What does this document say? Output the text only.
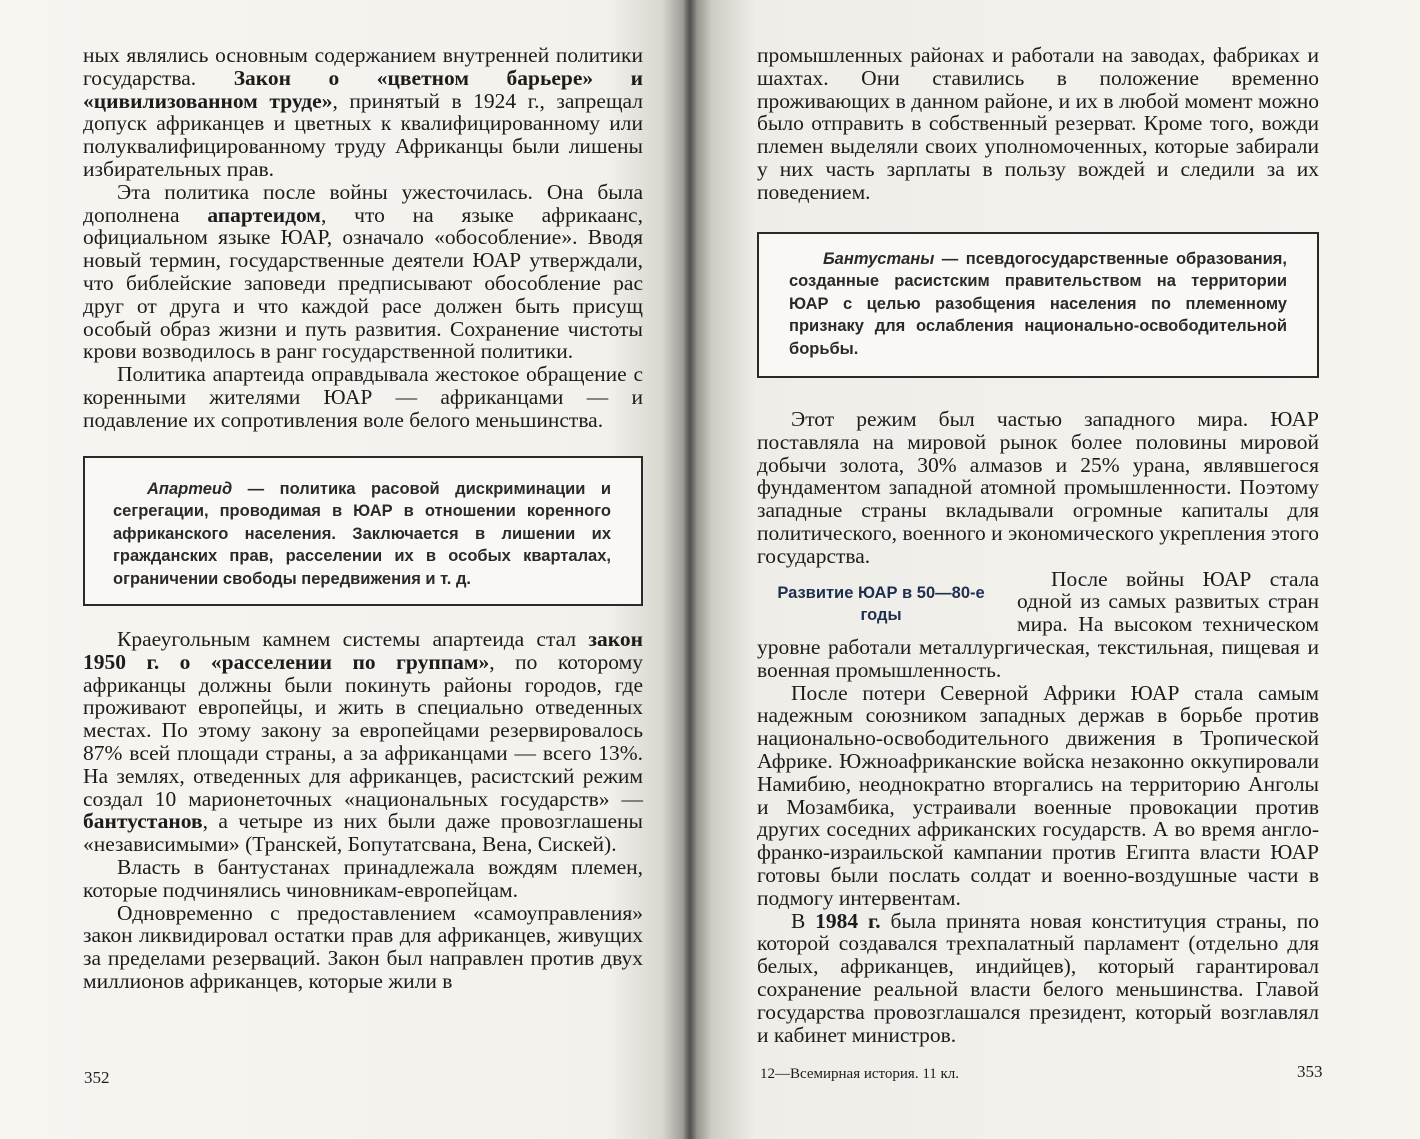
ных являлись основным содержанием внутренней политики государства. Закон о «цветном барьере» и «цивилизованном труде», принятый в 1924 г., запрещал допуск африканцев и цветных к квалифицированному или полуквалифицированному труду Африканцы были лишены избирательных прав.

Эта политика после войны ужесточилась. Она была дополнена апартеидом, что на языке африкаанс, официальном языке ЮАР, означало «обособление». Вводя новый термин, государственные деятели ЮАР утверждали, что библейские заповеди предписывают обособление рас друг от друга и что каждой расе должен быть присущ особый образ жизни и путь развития. Сохранение чистоты крови возводилось в ранг государственной политики.

Политика апартеида оправдывала жестокое обращение с коренными жителями ЮАР — африканцами — и подавление их сопротивления воле белого меньшинства.

Апартеид — политика расовой дискриминации и сегрегации, проводимая в ЮАР в отношении коренного африканского населения. Заключается в лишении их гражданских прав, расселении их в особых кварталах, ограничении свободы передвижения и т. д.

Краеугольным камнем системы апартеида стал закон 1950 г. о «расселении по группам», по которому африканцы должны были покинуть районы городов, где проживают европейцы, и жить в специально отведенных местах. По этому закону за европейцами резервировалось 87% всей площади страны, а за африканцами — всего 13%. На землях, отведенных для африканцев, расистский режим создал 10 марионеточных «национальных государств» — бантустанов, а четыре из них были даже провозглашены «независимыми» (Транскей, Бопутатсвана, Вена, Сискей).

Власть в бантустанах принадлежала вождям племен, которые подчинялись чиновникам-европейцам.

Одновременно с предоставлением «самоуправления» закон ликвидировал остатки прав для африканцев, живущих за пределами резерваций. Закон был направлен против двух миллионов африканцев, которые жили в

352

промышленных районах и работали на заводах, фабриках и шахтах. Они ставились в положение временно проживающих в данном районе, и их в любой момент можно было отправить в собственный резерват. Кроме того, вожди племен выделяли своих уполномоченных, которые забирали у них часть зарплаты в пользу вождей и следили за их поведением.

Бантустаны — псевдогосударственные образования, созданные расистским правительством на территории ЮАР с целью разобщения населения по племенному признаку для ослабления национально-освободительной борьбы.

Этот режим был частью западного мира. ЮАР поставляла на мировой рынок более половины мировой добычи золота, 30% алмазов и 25% урана, являвшегося фундаментом западной атомной промышленности. Поэтому западные страны вкладывали огромные капиталы для политического, военного и экономического укрепления этого государства.

Развитие ЮАР в 50—80-е годы

После войны ЮАР стала одной из самых развитых стран мира. На высоком техническом уровне работали металлургическая, текстильная, пищевая и военная промышленность.

После потери Северной Африки ЮАР стала самым надежным союзником западных держав в борьбе против национально-освободительного движения в Тропической Африке. Южноафриканские войска незаконно оккупировали Намибию, неоднократно вторгались на территорию Анголы и Мозамбика, устраивали военные провокации против других соседних африканских государств. А во время англо-франко-израильской кампании против Египта власти ЮАР готовы были послать солдат и военно-воздушные части в подмогу интервентам.

В 1984 г. была принята новая конституция страны, по которой создавался трехпалатный парламент (отдельно для белых, африканцев, индийцев), который гарантировал сохранение реальной власти белого меньшинства. Главой государства провозглашался президент, который возглавлял и кабинет министров.

12—Всемирная история. 11 кл.	353
